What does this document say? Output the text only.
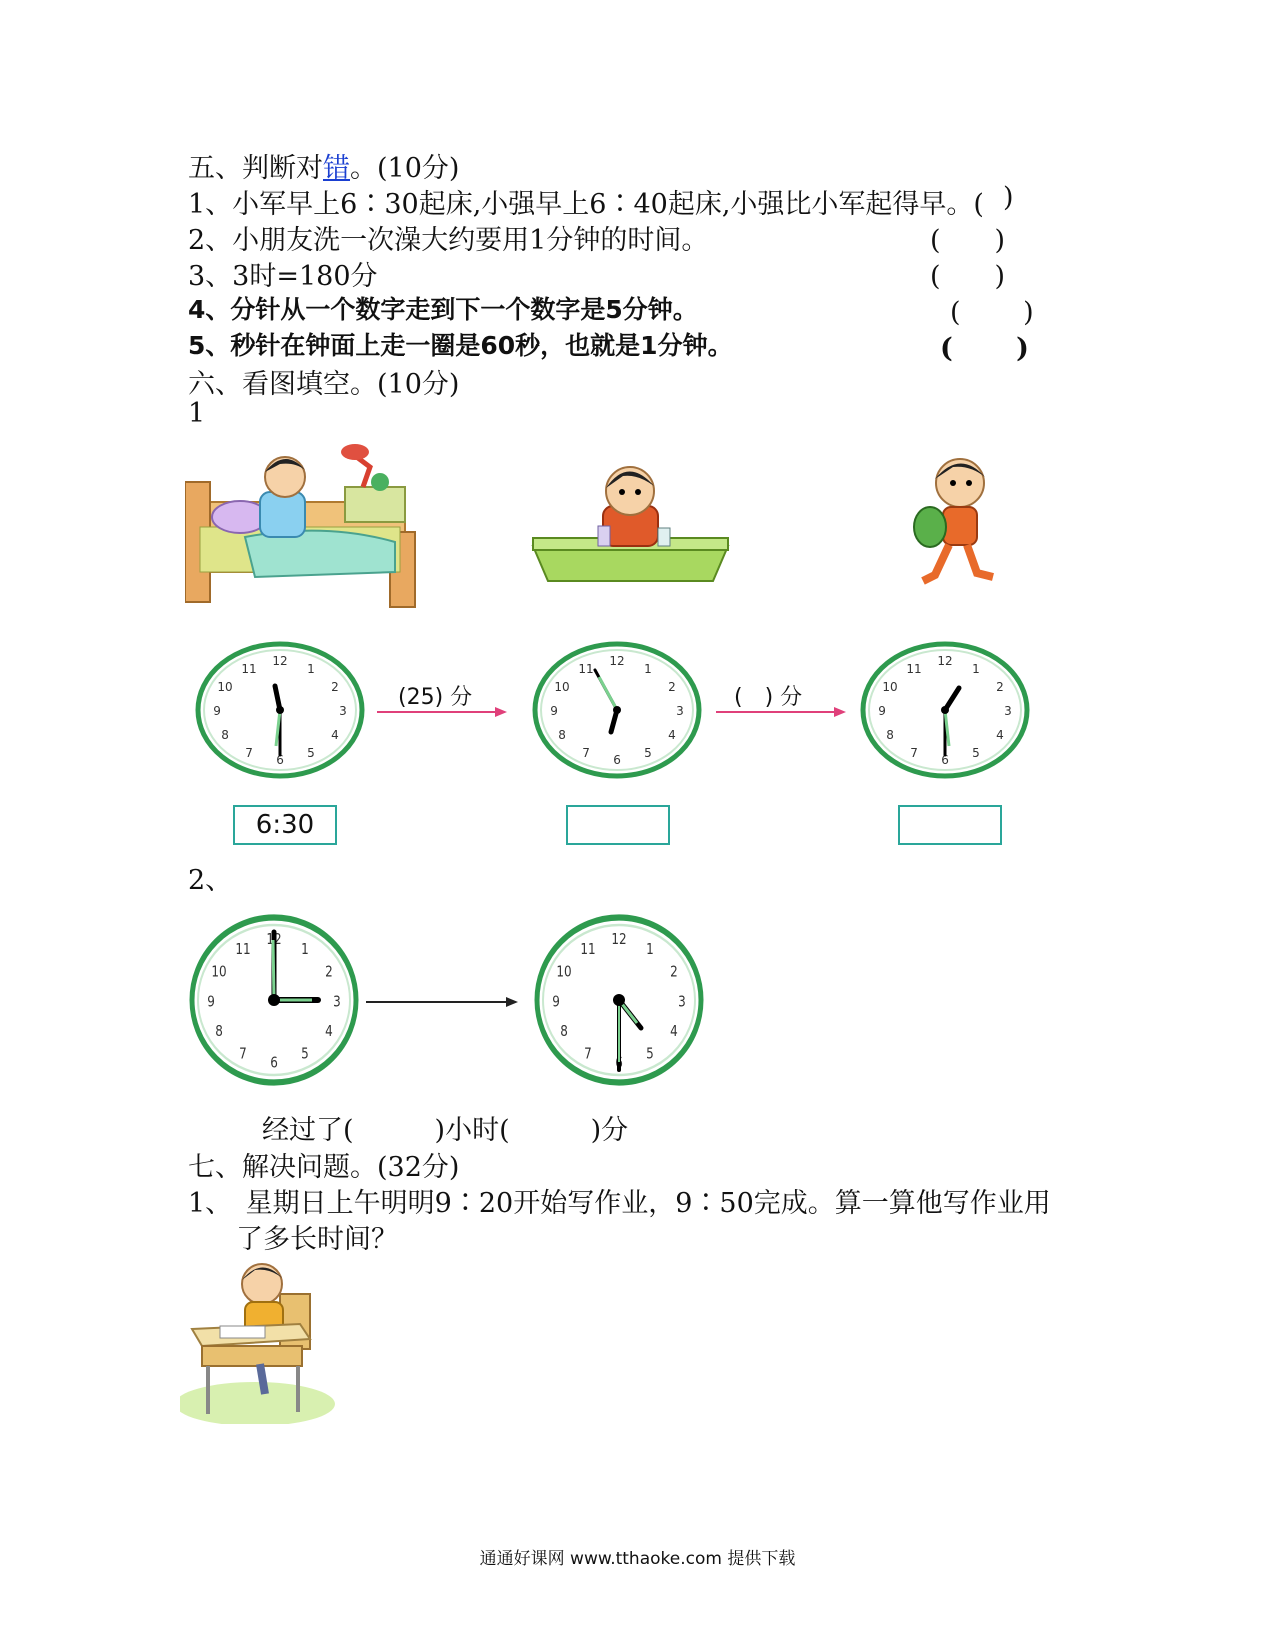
五、判断对错。(10分)
1、小军早上6∶30起床,小强早上6∶40起床,小强比小军起得早。( )
2、小朋友洗一次澡大约要用1分钟的时间。	(　　)
3、3时=180分	(　　)
4、分针从一个数字走到下一个数字是5分钟。	(　　 )
5、秒针在钟面上走一圈是60秒，也就是1分钟。	(　　 )
六、看图填空。(10分)
1
(25) 分	(　) 分
6:30
2、
经过了(　　　)小时(　　　)分
七、解决问题。(32分)
1、　星期日上午明明9∶20开始写作业，9∶50完成。算一算他写作业用
了多长时间？
通通好课网 www.tthaoke.com 提供下载
